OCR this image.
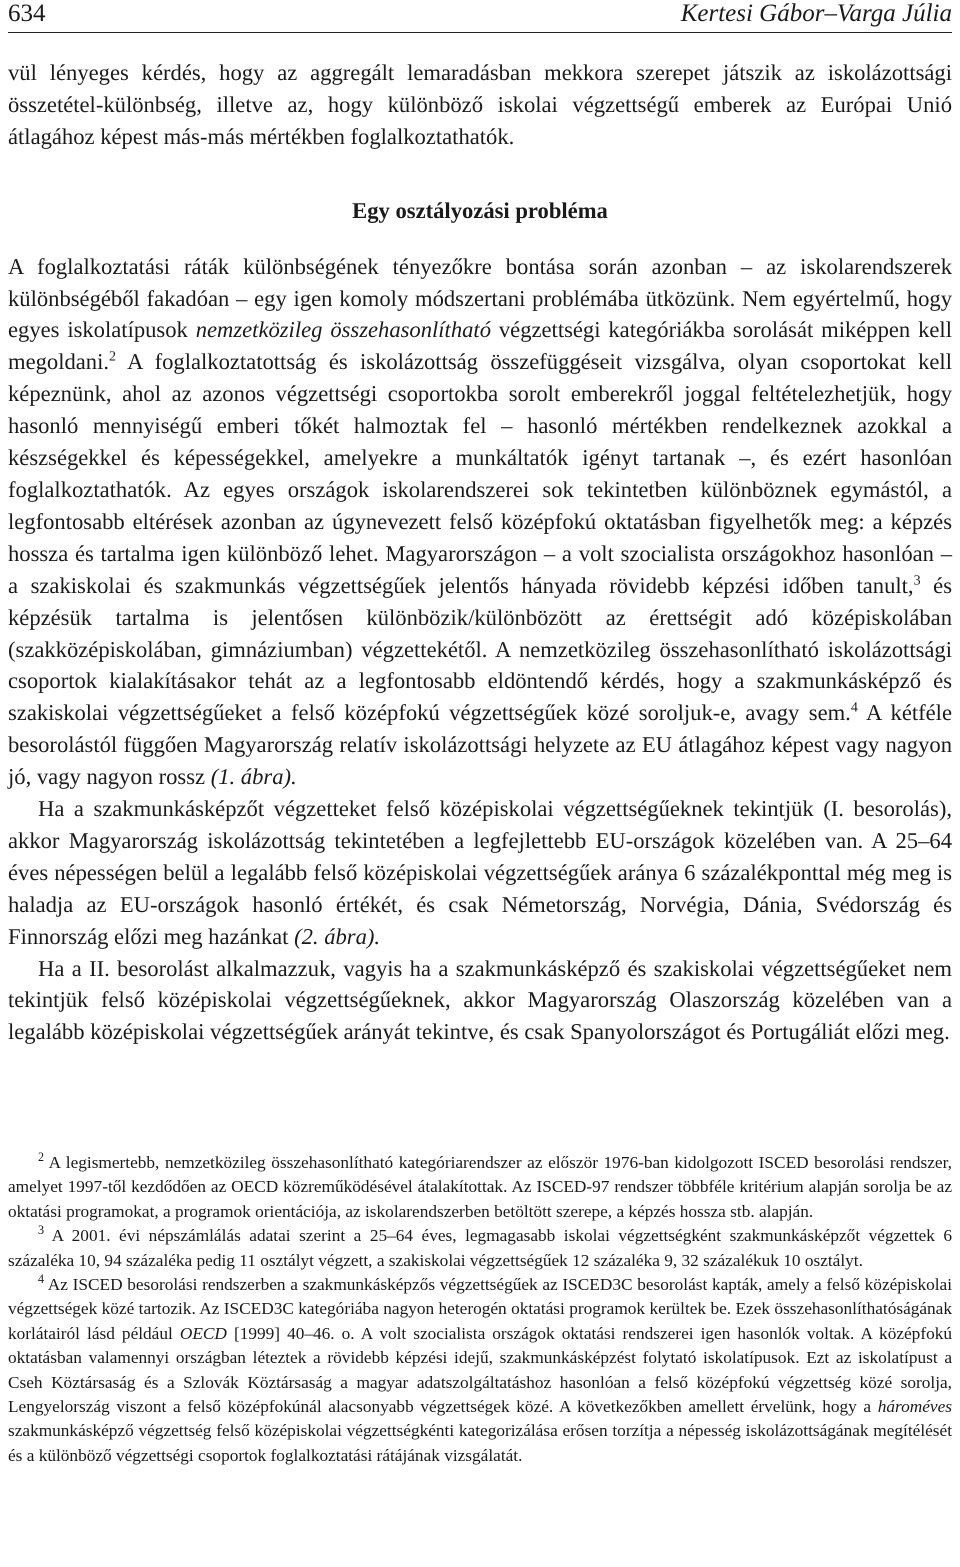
634	Kertesi Gábor–Varga Júlia

vül lényeges kérdés, hogy az aggregált lemaradásban mekkora szerepet játszik az iskolázottsági összetétel-különbség, illetve az, hogy különböző iskolai végzettségű emberek az Európai Unió átlagához képest más-más mértékben foglalkoztathatók.

Egy osztályozási probléma

A foglalkoztatási ráták különbségének tényezőkre bontása során azonban – az iskolarendszerek különbségéből fakadóan – egy igen komoly módszertani problémába ütközünk. Nem egyértelmű, hogy egyes iskolatípusok nemzetközileg összehasonlítható végzettségi kategóriákba sorolását miképpen kell megoldani.$^2$ A foglalkoztatottság és iskolázottság összefüggéseit vizsgálva, olyan csoportokat kell képeznünk, ahol az azonos végzettségi csoportokba sorolt emberekről joggal feltételezhetjük, hogy hasonló mennyiségű emberi tőkét halmoztak fel – hasonló mértékben rendelkeznek azokkal a készségekkel és képességekkel, amelyekre a munkáltatók igényt tartanak –, és ezért hasonlóan foglalkoztathatók. Az egyes országok iskolarendszerei sok tekintetben különböznek egymástól, a legfontosabb eltérések azonban az úgynevezett felső középfokú oktatásban figyelhetők meg: a képzés hossza és tartalma igen különböző lehet. Magyarországon – a volt szocialista országokhoz hasonlóan – a szakiskolai és szakmunkás végzettségűek jelentős hányada rövidebb képzési időben tanult,$^3$ és képzésük tartalma is jelentősen különbözik/különbözött az érettségit adó középiskolában (szakközépiskolában, gimnáziumban) végzettekétől. A nemzetközileg összehasonlítható iskolázottsági csoportok kialakításakor tehát az a legfontosabb eldöntendő kérdés, hogy a szakmunkásképző és szakiskolai végzettségűeket a felső középfokú végzettségűek közé soroljuk-e, avagy sem.$^4$ A kétféle besorolástól függően Magyarország relatív iskolázottsági helyzete az EU átlagához képest vagy nagyon jó, vagy nagyon rossz (1. ábra).

Ha a szakmunkásképzőt végzetteket felső középiskolai végzettségűeknek tekintjük (I. besorolás), akkor Magyarország iskolázottság tekintetében a legfejlettebb EU-országok közelében van. A 25–64 éves népességen belül a legalább felső középiskolai végzettségűek aránya 6 százalékponttal még meg is haladja az EU-országok hasonló értékét, és csak Németország, Norvégia, Dánia, Svédország és Finnország előzi meg hazánkat (2. ábra).

Ha a II. besorolást alkalmazzuk, vagyis ha a szakmunkásképző és szakiskolai végzettségűeket nem tekintjük felső középiskolai végzettségűeknek, akkor Magyarország Olaszország közelében van a legalább középiskolai végzettségűek arányát tekintve, és csak Spanyolországot és Portugáliát előzi meg.

$^2$ A legismertebb, nemzetközileg összehasonlítható kategóriarendszer az először 1976-ban kidolgozott ISCED besorolási rendszer, amelyet 1997-től kezdődően az OECD közreműködésével átalakítottak. Az ISCED-97 rendszer többféle kritérium alapján sorolja be az oktatási programokat, a programok orientációja, az iskolarendszerben betöltött szerepe, a képzés hossza stb. alapján.

$^3$ A 2001. évi népszámlálás adatai szerint a 25–64 éves, legmagasabb iskolai végzettségként szakmunkásképzőt végzettek 6 százaléka 10, 94 százaléka pedig 11 osztályt végzett, a szakiskolai végzettségűek 12 százaléka 9, 32 százalékuk 10 osztályt.

$^4$ Az ISCED besorolási rendszerben a szakmunkásképzős végzettségűek az ISCED3C besorolást kapták, amely a felső középiskolai végzettségek közé tartozik. Az ISCED3C kategóriába nagyon heterogén oktatási programok kerültek be. Ezek összehasonlíthatóságának korlátairól lásd például OECD [1999] 40–46. o. A volt szocialista országok oktatási rendszerei igen hasonlók voltak. A középfokú oktatásban valamennyi országban léteztek a rövidebb képzési idejű, szakmunkásképzést folytató iskolatípusok. Ezt az iskolatípust a Cseh Köztársaság és a Szlovák Köztársaság a magyar adatszolgáltatáshoz hasonlóan a felső középfokú végzettség közé sorolja, Lengyelország viszont a felső középfokúnál alacsonyabb végzettségek közé. A következőkben amellett érvelünk, hogy a hároméves szakmunkásképző végzettség felső középiskolai végzettségkénti kategorizálása erősen torzítja a népesség iskolázottságának megítélését és a különböző végzettségi csoportok foglalkoztatási rátájának vizsgálatát.
